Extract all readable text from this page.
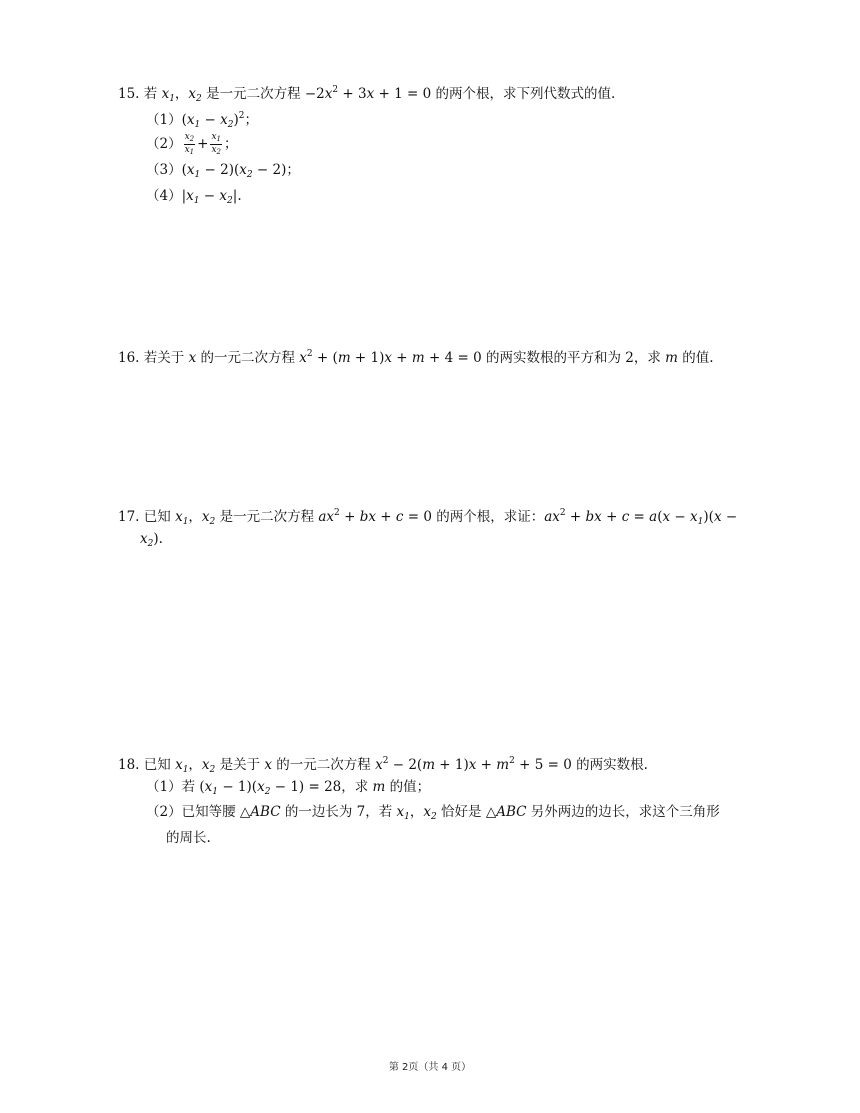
15. 若 $x_1$，$x_2$ 是一元二次方程 $-2x^2 + 3x + 1 = 0$ 的两个根，求下列代数式的值.
$(1)(x_1 - x_2)^2$；
$(2) \frac{x_2}{x_1} + \frac{x_1}{x_2}$ ；
$(3)(x_1 - 2)(x_2 - 2)$；
$(4)|x_1 - x_2|$.
16. 若关于 x 的一元二次方程 $x^2 + (m + 1)x + m + 4 = 0$ 的两实数根的平方和为 2，求 m 的值.
17. 已知 $x_1$，$x_2$ 是一元二次方程 $ax^2$ + bx + c = 0 的两个根，求证：$ax^2$ + bx + $c = a(x - x_1)(x$ −
$x_2$).
18. 已知 $x_1$，$x_2$ 是关于 x 的一元二次方程 $x^2 - 2(m + 1)x + m^2 + 5 = 0$ 的两实数根.
（1）若 $(x_1 - 1)(x_2 - 1) = 28$，求 m 的值；
（2）已知等腰 △ABC 的一边长为 7，若 $x_1$，$x_2$ 恰好是 △ABC 另外两边的边长，求这个三角形
的周长.
第 2页（共 4 页）
